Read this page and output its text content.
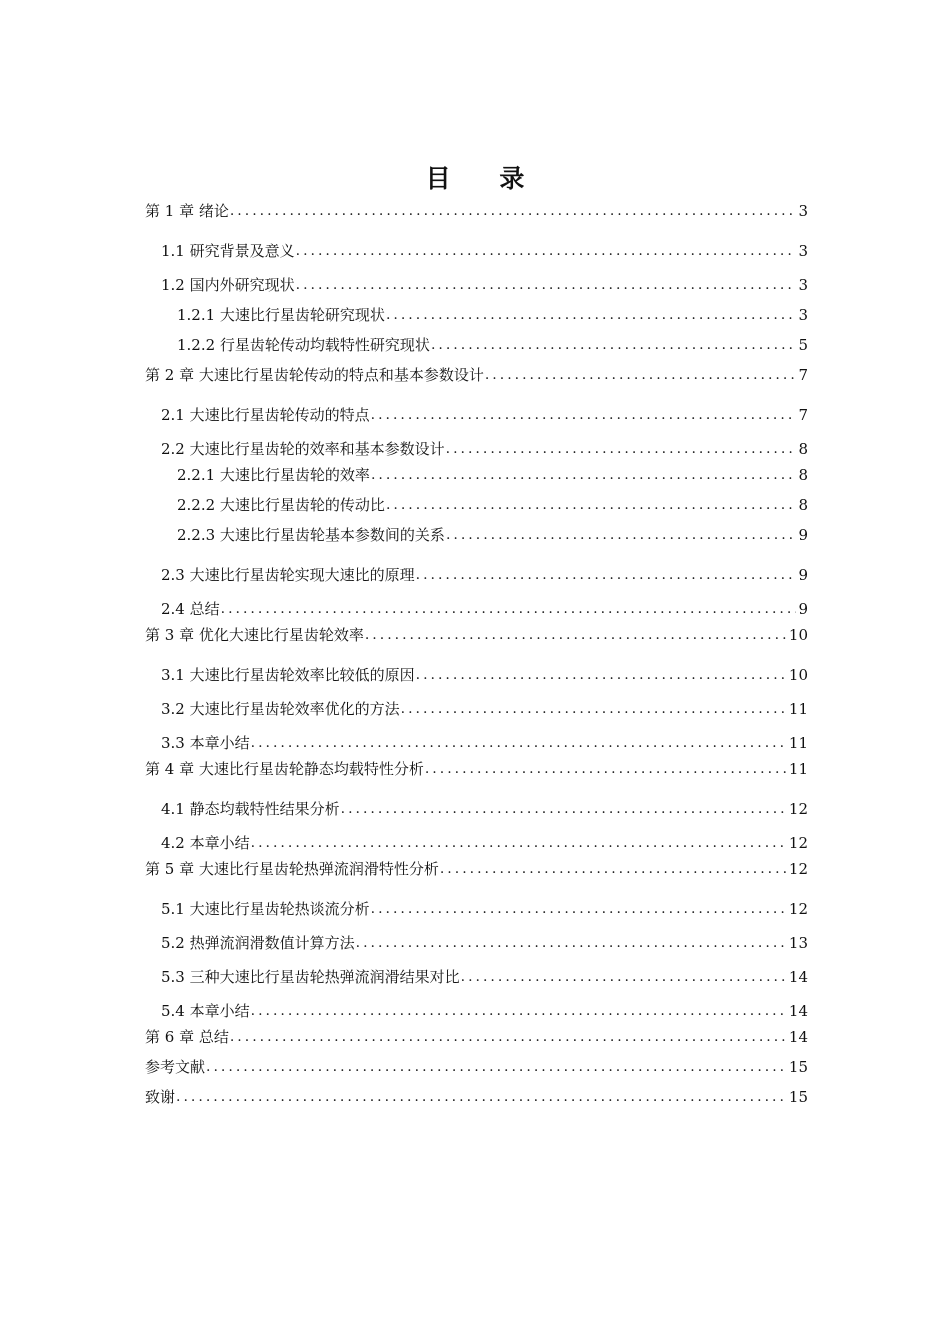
目 录
第 1 章 绪论 .....	3
1.1 研究背景及意义 .....	3
1.2 国内外研究现状 .....	3
1.2.1 大速比行星齿轮研究现状 .....	3
1.2.2 行星齿轮传动均载特性研究现状 .....	5
第 2 章 大速比行星齿轮传动的特点和基本参数设计 .....	7
2.1 大速比行星齿轮传动的特点 .....	7
2.2 大速比行星齿轮的效率和基本参数设计 .....	8
2.2.1 大速比行星齿轮的效率 .....	8
2.2.2 大速比行星齿轮的传动比 .....	8
2.2.3 大速比行星齿轮基本参数间的关系 .....	9
2.3 大速比行星齿轮实现大速比的原理 .....	9
2.4 总结 .....	9
第 3 章 优化大速比行星齿轮效率 .....	10
3.1 大速比行星齿轮效率比较低的原因 .....	10
3.2 大速比行星齿轮效率优化的方法 .....	11
3.3 本章小结 .....	11
第 4 章 大速比行星齿轮静态均载特性分析 .....	11
4.1 静态均载特性结果分析 .....	12
4.2 本章小结 .....	12
第 5 章 大速比行星齿轮热弹流润滑特性分析 .....	12
5.1 大速比行星齿轮热谈流分析 .....	12
5.2 热弹流润滑数值计算方法 .....	13
5.3 三种大速比行星齿轮热弹流润滑结果对比 .....	14
5.4 本章小结 .....	14
第 6 章 总结 .....	14
参考文献 .....	15
致谢 .....	15
